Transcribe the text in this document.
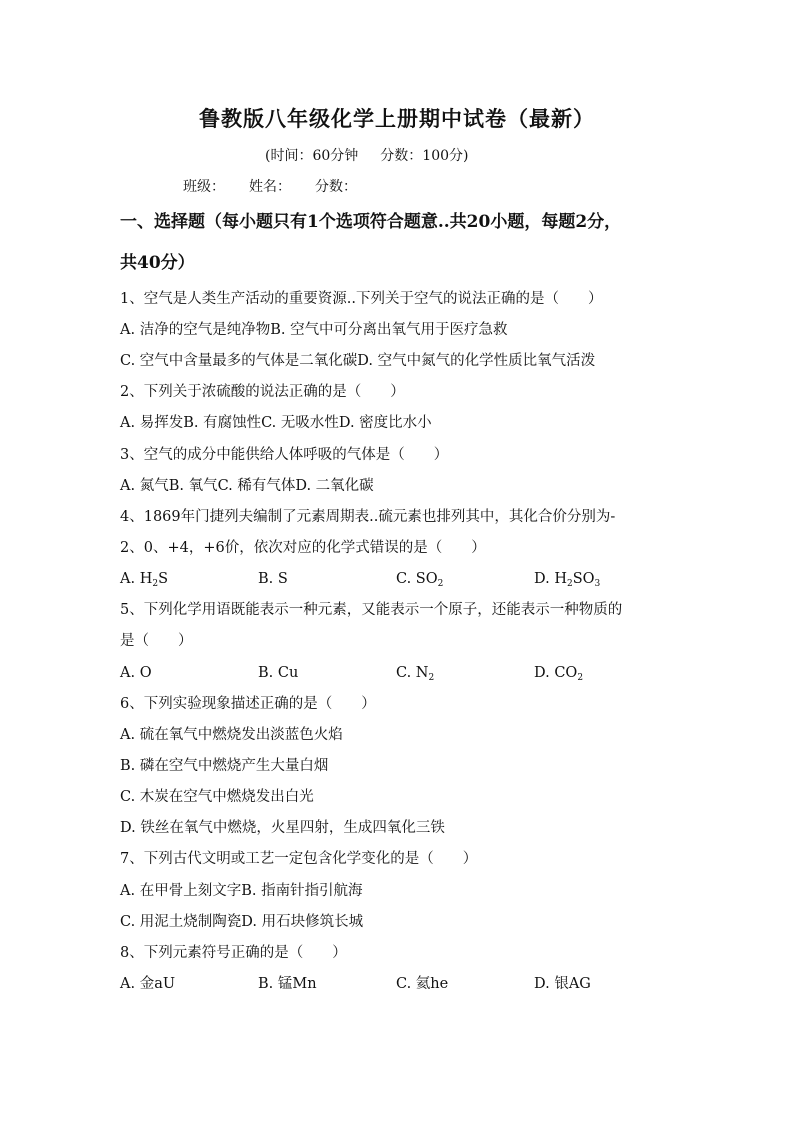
鲁教版八年级化学上册期中试卷（最新）
(时间：60分钟 分数：100分)
班级： 姓名： 分数：
一、选择题（每小题只有1个选项符合题意..共20小题，每题2分，
共40分）
1、空气是人类生产活动的重要资源..下列关于空气的说法正确的是（　　）
A. 洁净的空气是纯净物B. 空气中可分离出氧气用于医疗急救
C. 空气中含量最多的气体是二氧化碳D. 空气中氮气的化学性质比氧气活泼
2、下列关于浓硫酸的说法正确的是（　　）
A. 易挥发B. 有腐蚀性C. 无吸水性D. 密度比水小
3、空气的成分中能供给人体呼吸的气体是（　　）
A. 氮气B. 氧气C. 稀有气体D. 二氧化碳
4、1869年门捷列夫编制了元素周期表..硫元素也排列其中，其化合价分别为-
2、0、+4，+6价，依次对应的化学式错误的是（　　）
A. $H_2S$	B. S	C. $SO_2$	D. $H_2SO_3$
5、下列化学用语既能表示一种元素，又能表示一个原子，还能表示一种物质的
是（　　）
A. O	B. Cu	C. $N_2$	D. $CO_2$
6、下列实验现象描述正确的是（　　）
A. 硫在氧气中燃烧发出淡蓝色火焰
B. 磷在空气中燃烧产生大量白烟
C. 木炭在空气中燃烧发出白光
D. 铁丝在氧气中燃烧，火星四射，生成四氧化三铁
7、下列古代文明或工艺一定包含化学变化的是（　　）
A. 在甲骨上刻文字B. 指南针指引航海
C. 用泥土烧制陶瓷D. 用石块修筑长城
8、下列元素符号正确的是（　　）
A. 金aU	B. 锰Mn	C. 氦he	D. 银AG
